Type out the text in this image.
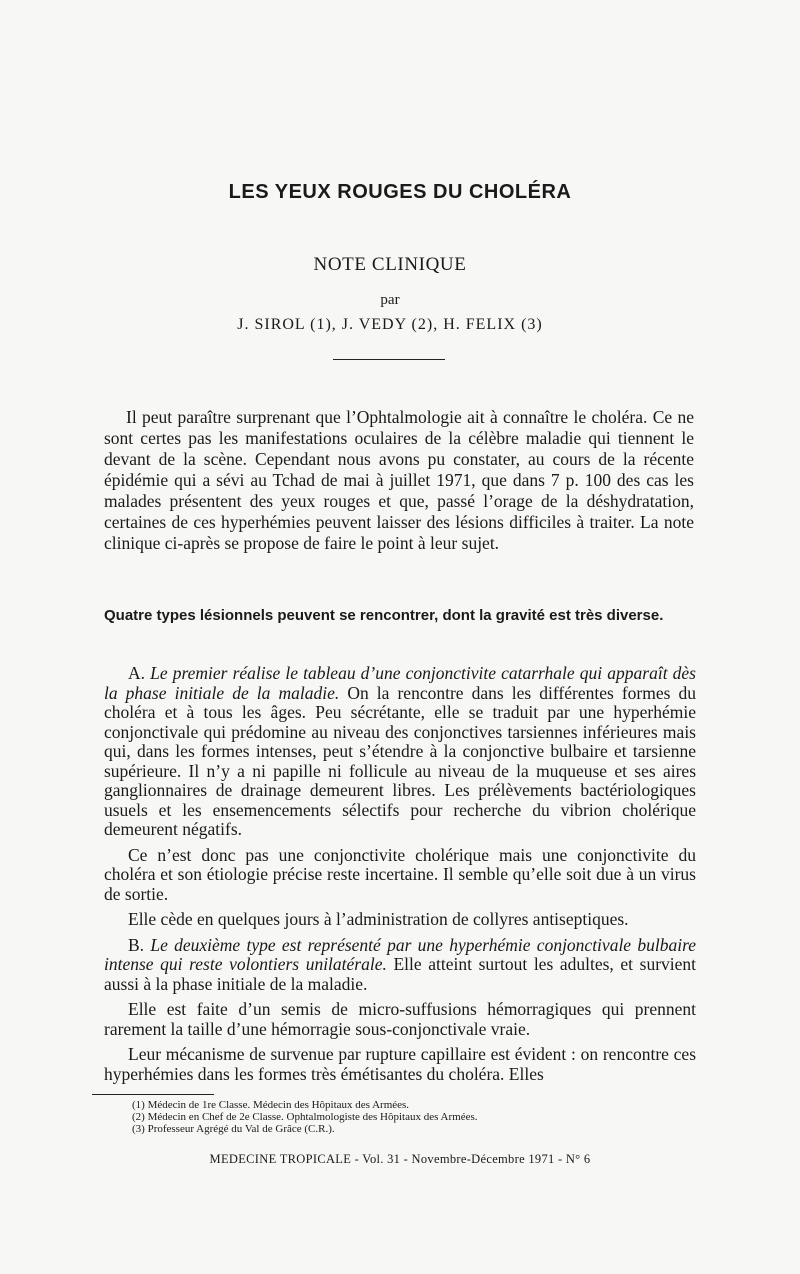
LES YEUX ROUGES DU CHOLÉRA
NOTE CLINIQUE
par
J. SIROL (1), J. VEDY (2), H. FELIX (3)

Il peut paraître surprenant que l’Ophtalmologie ait à connaître le choléra. Ce ne sont certes pas les manifestations oculaires de la célèbre maladie qui tiennent le devant de la scène. Cependant nous avons pu constater, au cours de la récente épidémie qui a sévi au Tchad de mai à juillet 1971, que dans 7 p. 100 des cas les malades présentent des yeux rouges et que, passé l’orage de la déshydratation, certaines de ces hyperhémies peuvent laisser des lésions difficiles à traiter. La note clinique ci-après se propose de faire le point à leur sujet.

Quatre types lésionnels peuvent se rencontrer, dont la gravité est très diverse.

A. Le premier réalise le tableau d’une conjonctivite catarrhale qui apparaît dès la phase initiale de la maladie. On la rencontre dans les différentes formes du choléra et à tous les âges. Peu sécrétante, elle se traduit par une hyperhémie conjonctivale qui prédomine au niveau des conjonctives tarsiennes inférieures mais qui, dans les formes intenses, peut s’étendre à la conjonctive bulbaire et tarsienne supérieure. Il n’y a ni papille ni follicule au niveau de la muqueuse et ses aires ganglionnaires de drainage demeurent libres. Les prélèvements bactériologiques usuels et les ensemencements sélectifs pour recherche du vibrion cholérique demeurent négatifs.

Ce n’est donc pas une conjonctivite cholérique mais une conjonctivite du choléra et son étiologie précise reste incertaine. Il semble qu’elle soit due à un virus de sortie.

Elle cède en quelques jours à l’administration de collyres antiseptiques.

B. Le deuxième type est représenté par une hyperhémie conjonctivale bulbaire intense qui reste volontiers unilatérale. Elle atteint surtout les adultes, et survient aussi à la phase initiale de la maladie.

Elle est faite d’un semis de micro-suffusions hémorragiques qui prennent rarement la taille d’une hémorragie sous-conjonctivale vraie.

Leur mécanisme de survenue par rupture capillaire est évident : on rencontre ces hyperhémies dans les formes très émétisantes du choléra. Elles

(1) Médecin de 1re Classe. Médecin des Hôpitaux des Armées.
(2) Médecin en Chef de 2e Classe. Ophtalmologiste des Hôpitaux des Armées.
(3) Professeur Agrégé du Val de Grâce (C.R.).
MEDECINE TROPICALE - Vol. 31 - Novembre-Décembre 1971 - N° 6
